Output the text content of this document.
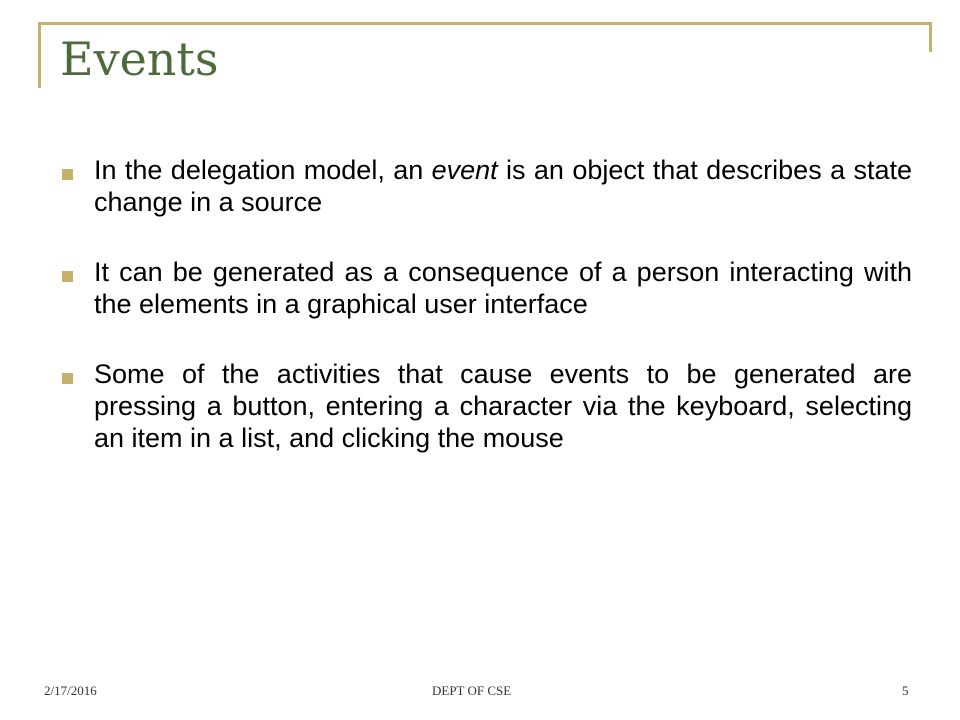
Events
In the delegation model, an event is an object that describes a state change in a source
It can be generated as a consequence of a person interacting with the elements in a graphical user interface
Some of the activities that cause events to be generated are pressing a button, entering a character via the keyboard, selecting an item in a list, and clicking the mouse
2/17/2016	DEPT OF CSE	5
